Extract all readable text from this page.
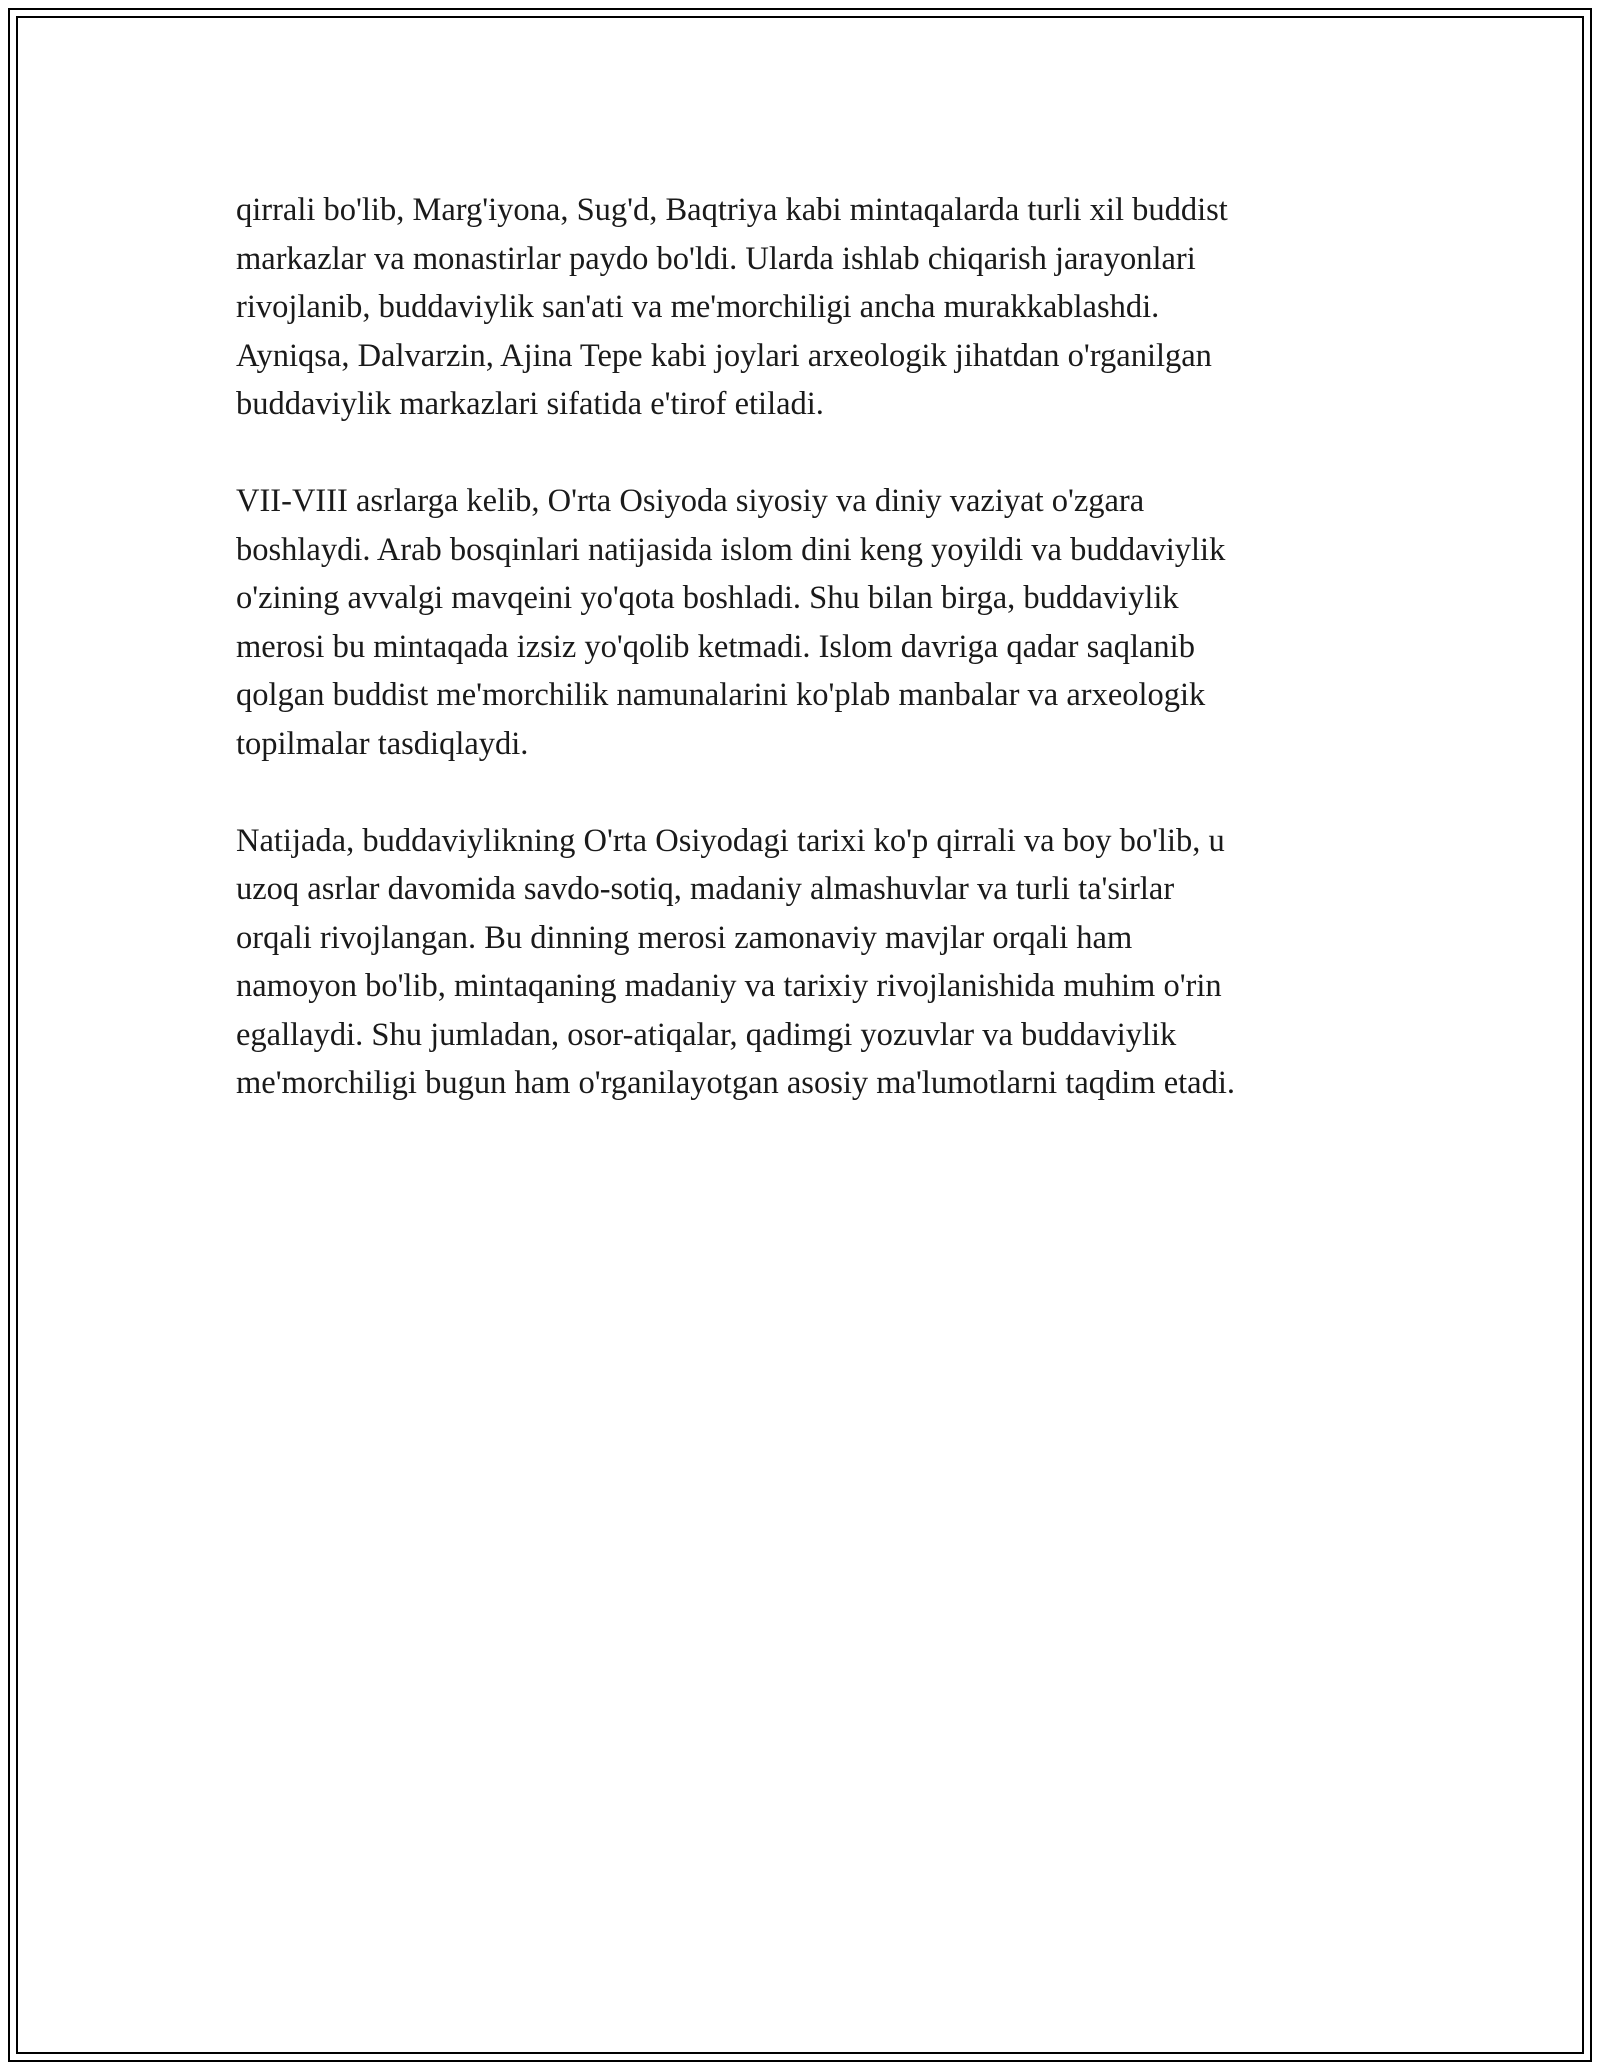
qirrali bo'lib, Marg'iyona, Sug'd, Baqtriya kabi mintaqalarda turli xil buddist
markazlar va monastirlar paydo bo'ldi. Ularda ishlab chiqarish jarayonlari
rivojlanib, buddaviylik san'ati va me'morchiligi ancha murakkablashdi.
Ayniqsa, Dalvarzin, Ajina Tepe kabi joylari arxeologik jihatdan o'rganilgan
buddaviylik markazlari sifatida e'tirof etiladi.

VII-VIII asrlarga kelib, O'rta Osiyoda siyosiy va diniy vaziyat o'zgara
boshlaydi. Arab bosqinlari natijasida islom dini keng yoyildi va buddaviylik
o'zining avvalgi mavqeini yo'qota boshladi. Shu bilan birga, buddaviylik
merosi bu mintaqada izsiz yo'qolib ketmadi. Islom davriga qadar saqlanib
qolgan buddist me'morchilik namunalarini ko'plab manbalar va arxeologik
topilmalar tasdiqlaydi.

Natijada, buddaviylikning O'rta Osiyodagi tarixi ko'p qirrali va boy bo'lib, u
uzoq asrlar davomida savdo-sotiq, madaniy almashuvlar va turli ta'sirlar
orqali rivojlangan. Bu dinning merosi zamonaviy mavjlar orqali ham
namoyon bo'lib, mintaqaning madaniy va tarixiy rivojlanishida muhim o'rin
egallaydi. Shu jumladan, osor-atiqalar, qadimgi yozuvlar va buddaviylik
me'morchiligi bugun ham o'rganilayotgan asosiy ma'lumotlarni taqdim etadi.
